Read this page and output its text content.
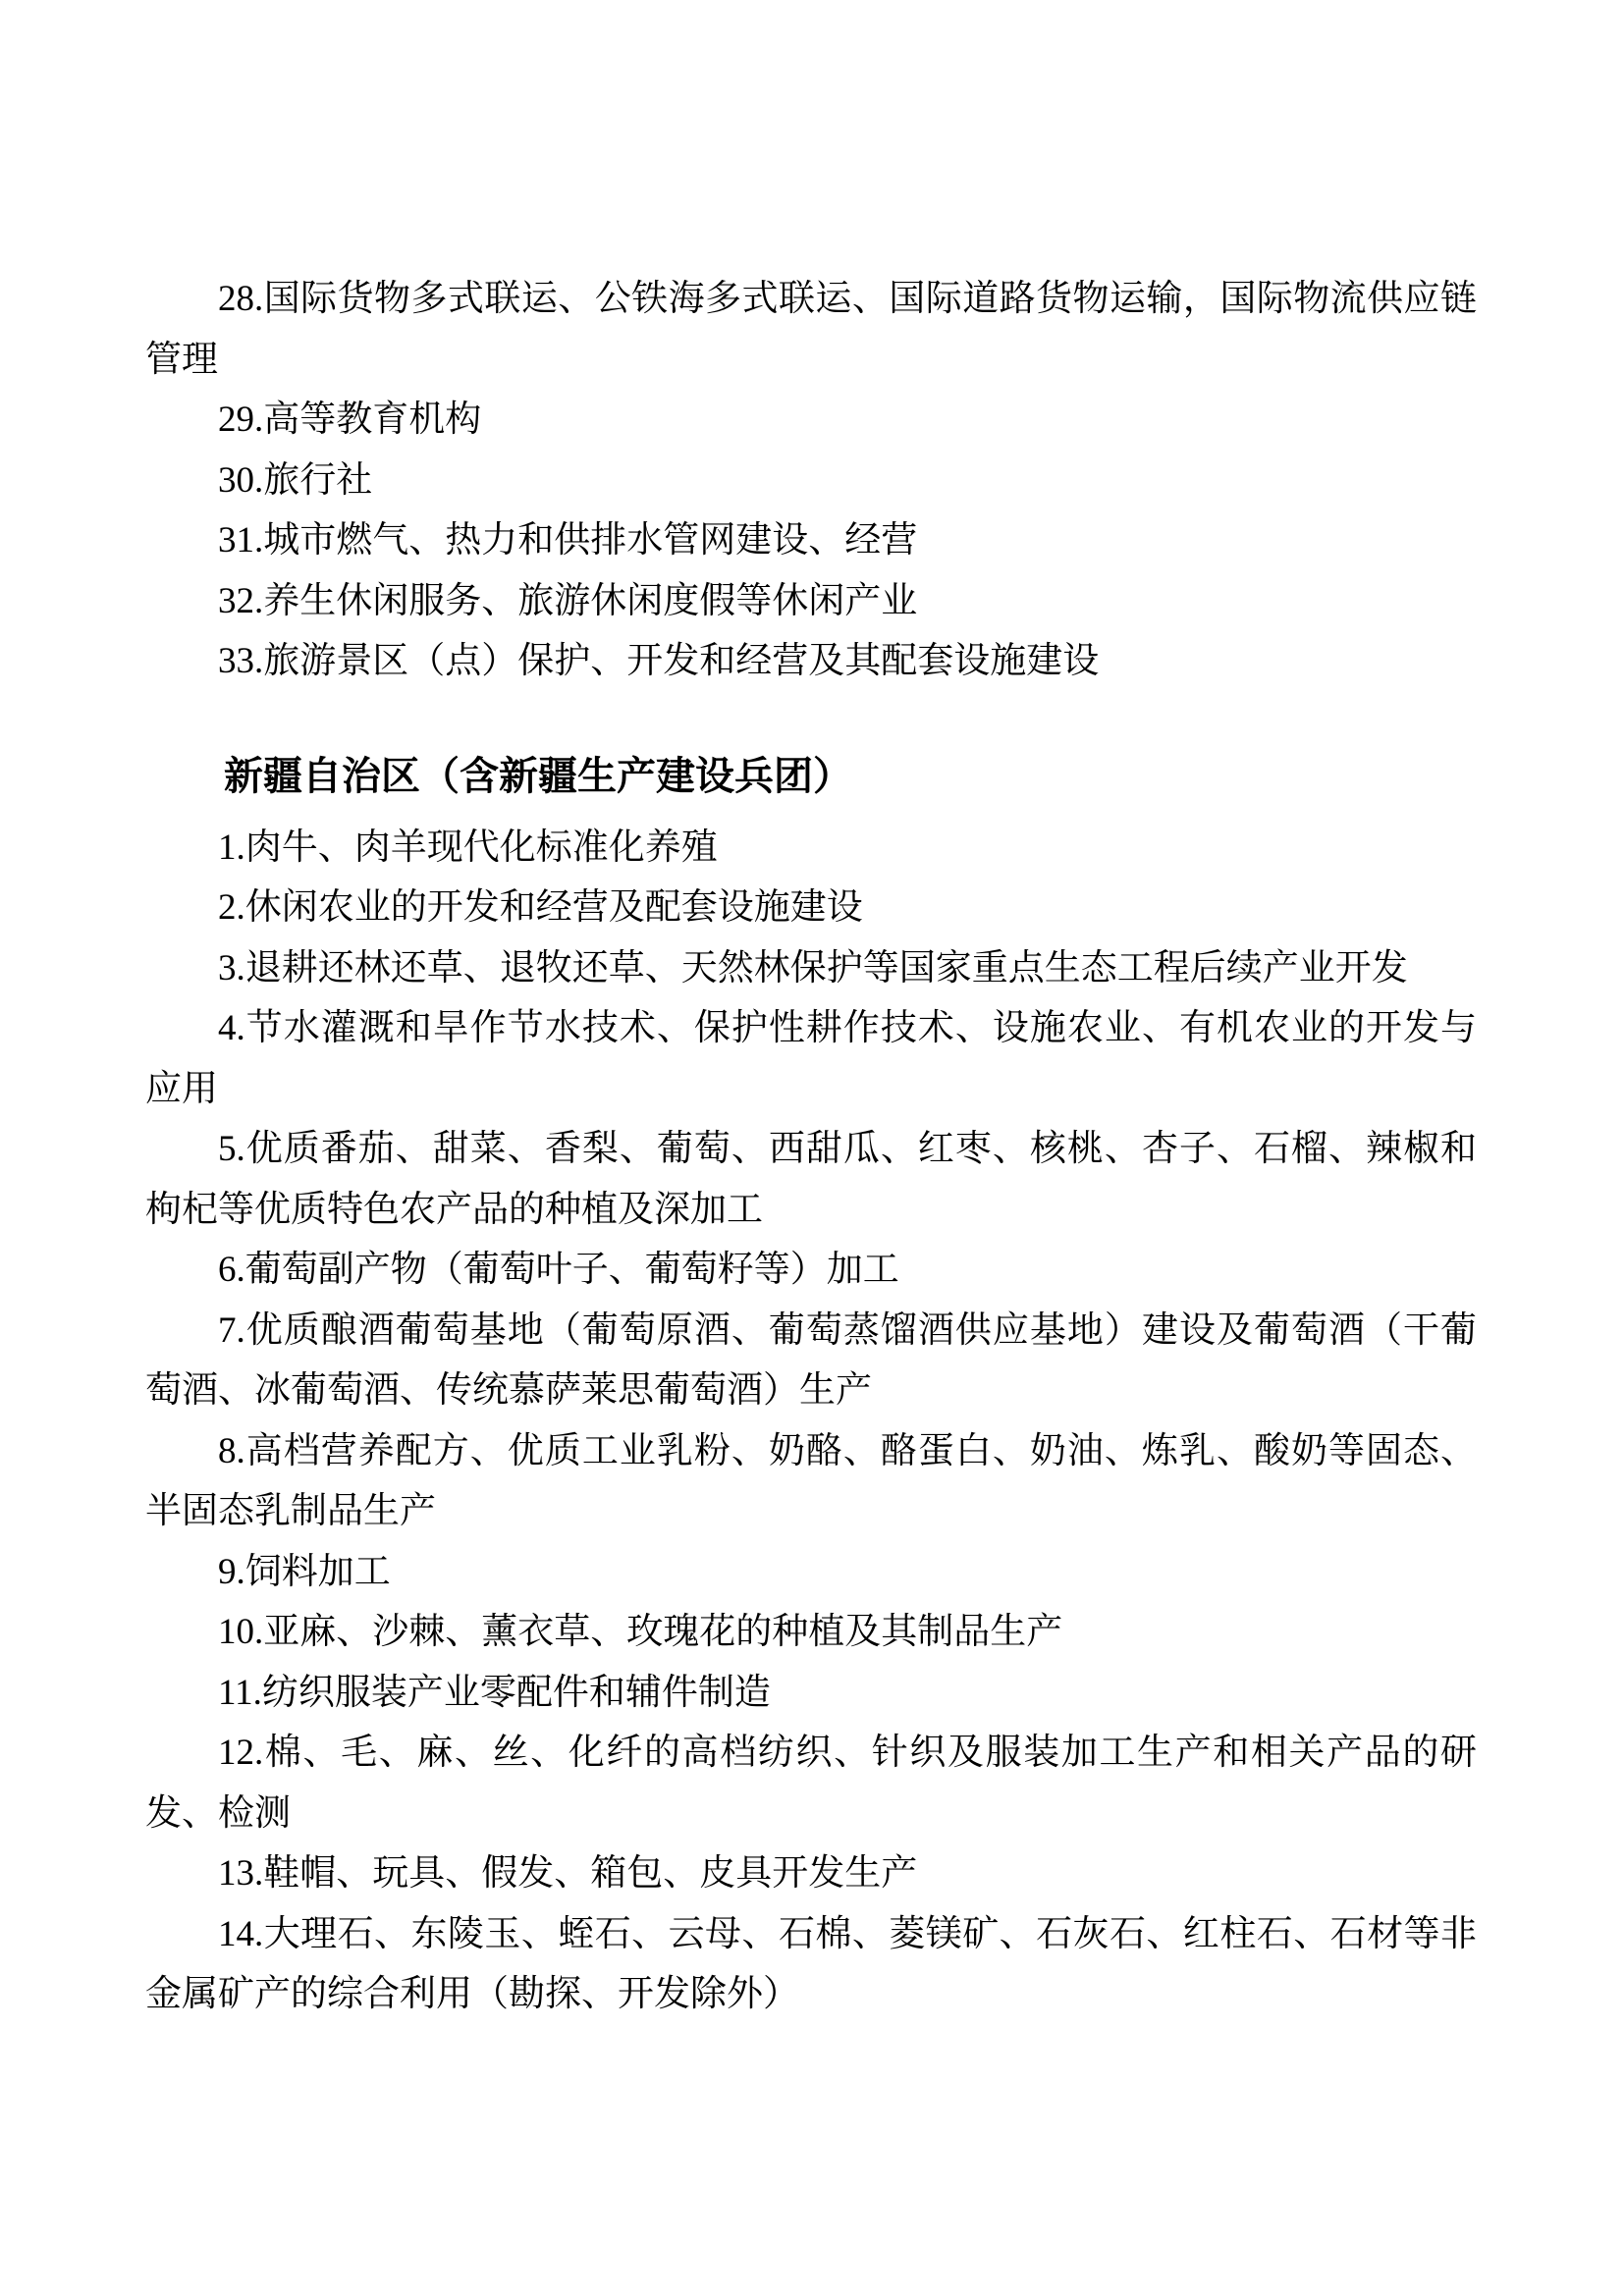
28.国际货物多式联运、公铁海多式联运、国际道路货物运输，国际物流供应链管理

29.高等教育机构

30.旅行社

31.城市燃气、热力和供排水管网建设、经营

32.养生休闲服务、旅游休闲度假等休闲产业

33.旅游景区（点）保护、开发和经营及其配套设施建设

新疆自治区（含新疆生产建设兵团）

1.肉牛、肉羊现代化标准化养殖

2.休闲农业的开发和经营及配套设施建设

3.退耕还林还草、退牧还草、天然林保护等国家重点生态工程后续产业开发

4.节水灌溉和旱作节水技术、保护性耕作技术、设施农业、有机农业的开发与应用

5.优质番茄、甜菜、香梨、葡萄、西甜瓜、红枣、核桃、杏子、石榴、辣椒和枸杞等优质特色农产品的种植及深加工

6.葡萄副产物（葡萄叶子、葡萄籽等）加工

7.优质酿酒葡萄基地（葡萄原酒、葡萄蒸馏酒供应基地）建设及葡萄酒（干葡萄酒、冰葡萄酒、传统慕萨莱思葡萄酒）生产

8.高档营养配方、优质工业乳粉、奶酪、酪蛋白、奶油、炼乳、酸奶等固态、半固态乳制品生产

9.饲料加工

10.亚麻、沙棘、薰衣草、玫瑰花的种植及其制品生产

11.纺织服装产业零配件和辅件制造

12.棉、毛、麻、丝、化纤的高档纺织、针织及服装加工生产和相关产品的研发、检测

13.鞋帽、玩具、假发、箱包、皮具开发生产

14.大理石、东陵玉、蛭石、云母、石棉、菱镁矿、石灰石、红柱石、石材等非金属矿产的综合利用（勘探、开发除外）
